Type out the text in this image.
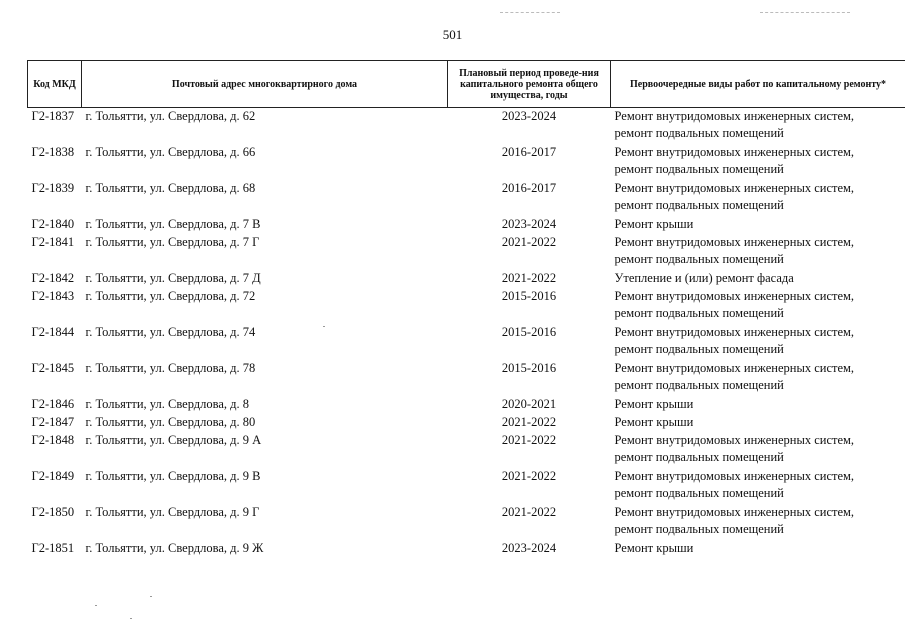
501
Код МКД	Почтовый адрес многоквартирного дома	Плановый период проведе-ния капитального ремонта общего имущества, годы	Первоочередные виды работ по капитальному ремонту*
Г2-1837	г. Тольятти, ул. Свердлова, д. 62	2023-2024	Ремонт внутридомовых инженерных систем,
ремонт подвальных помещений

Г2-1838	г. Тольятти, ул. Свердлова, д. 66	2016-2017	Ремонт внутридомовых инженерных систем,
ремонт подвальных помещений

Г2-1839	г. Тольятти, ул. Свердлова, д. 68	2016-2017	Ремонт внутридомовых инженерных систем,
ремонт подвальных помещений

Г2-1840	г. Тольятти, ул. Свердлова, д. 7 В	2023-2024	Ремонт крыши

Г2-1841	г. Тольятти, ул. Свердлова, д. 7 Г	2021-2022	Ремонт внутридомовых инженерных систем,
ремонт подвальных помещений

Г2-1842	г. Тольятти, ул. Свердлова, д. 7 Д	2021-2022	Утепление и (или) ремонт фасада

Г2-1843	г. Тольятти, ул. Свердлова, д. 72	2015-2016	Ремонт внутридомовых инженерных систем,
ремонт подвальных помещений

Г2-1844	г. Тольятти, ул. Свердлова, д. 74	2015-2016	Ремонт внутридомовых инженерных систем,
ремонт подвальных помещений

Г2-1845	г. Тольятти, ул. Свердлова, д. 78	2015-2016	Ремонт внутридомовых инженерных систем,
ремонт подвальных помещений

Г2-1846	г. Тольятти, ул. Свердлова, д. 8	2020-2021	Ремонт крыши

Г2-1847	г. Тольятти, ул. Свердлова, д. 80	2021-2022	Ремонт крыши

Г2-1848	г. Тольятти, ул. Свердлова, д. 9 А	2021-2022	Ремонт внутридомовых инженерных систем,
ремонт подвальных помещений

Г2-1849	г. Тольятти, ул. Свердлова, д. 9 В	2021-2022	Ремонт внутридомовых инженерных систем,
ремонт подвальных помещений

Г2-1850	г. Тольятти, ул. Свердлова, д. 9 Г	2021-2022	Ремонт внутридомовых инженерных систем,
ремонт подвальных помещений

Г2-1851	г. Тольятти, ул. Свердлова, д. 9 Ж	2023-2024	Ремонт крыши
